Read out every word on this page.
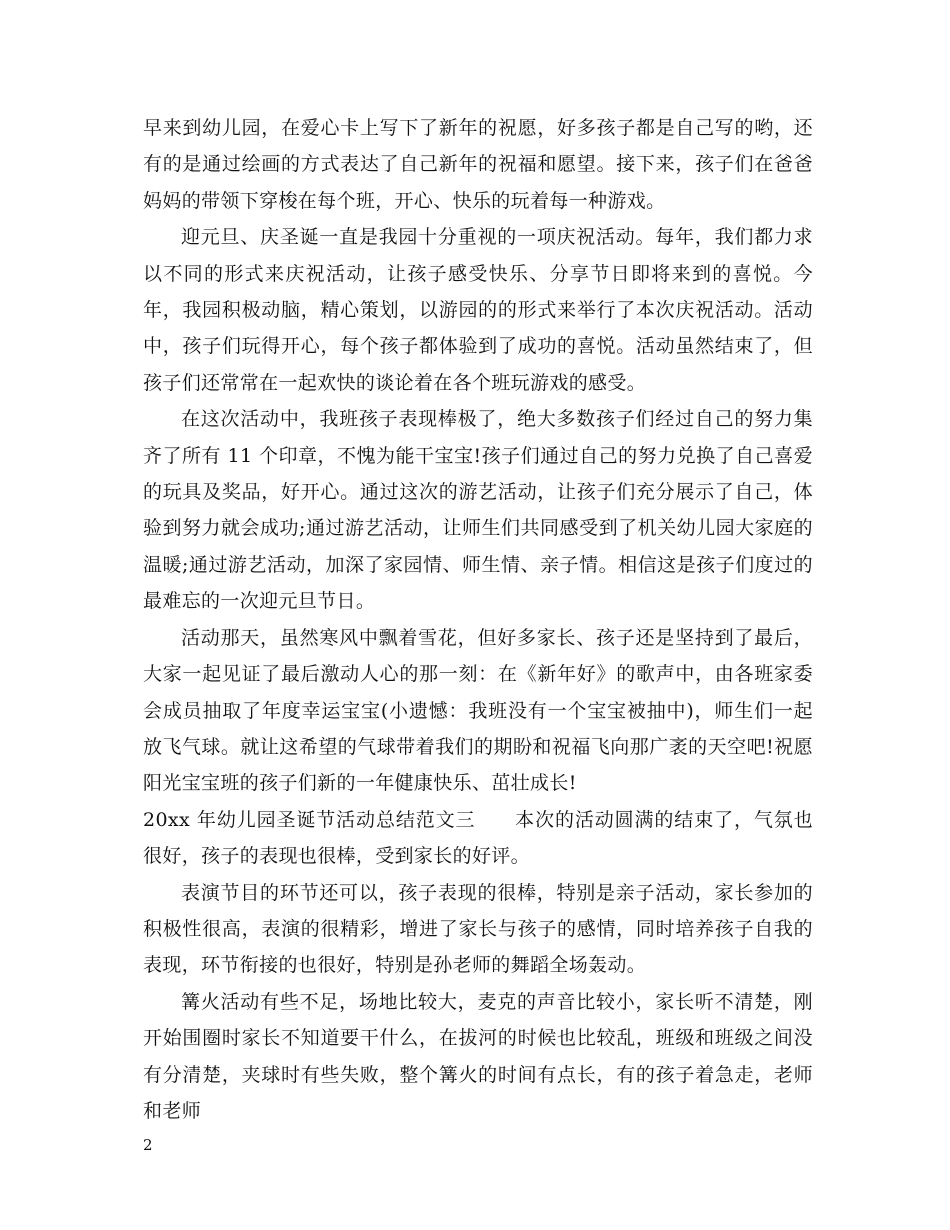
早来到幼儿园，在爱心卡上写下了新年的祝愿，好多孩子都是自己写的哟，还有的是通过绘画的方式表达了自己新年的祝福和愿望。接下来，孩子们在爸爸妈妈的带领下穿梭在每个班，开心、快乐的玩着每一种游戏。

迎元旦、庆圣诞一直是我园十分重视的一项庆祝活动。每年，我们都力求以不同的形式来庆祝活动，让孩子感受快乐、分享节日即将来到的喜悦。今年，我园积极动脑，精心策划，以游园的的形式来举行了本次庆祝活动。活动中，孩子们玩得开心，每个孩子都体验到了成功的喜悦。活动虽然结束了，但孩子们还常常在一起欢快的谈论着在各个班玩游戏的感受。

在这次活动中，我班孩子表现棒极了，绝大多数孩子们经过自己的努力集齐了所有 11 个印章，不愧为能干宝宝!孩子们通过自己的努力兑换了自己喜爱的玩具及奖品，好开心。通过这次的游艺活动，让孩子们充分展示了自己，体验到努力就会成功;通过游艺活动，让师生们共同感受到了机关幼儿园大家庭的温暖;通过游艺活动，加深了家园情、师生情、亲子情。相信这是孩子们度过的最难忘的一次迎元旦节日。

活动那天，虽然寒风中飘着雪花，但好多家长、孩子还是坚持到了最后，大家一起见证了最后激动人心的那一刻：在《新年好》的歌声中，由各班家委会成员抽取了年度幸运宝宝(小遗憾：我班没有一个宝宝被抽中)，师生们一起放飞气球。就让这希望的气球带着我们的期盼和祝福飞向那广袤的天空吧!祝愿阳光宝宝班的孩子们新的一年健康快乐、茁壮成长!

20xx 年幼儿园圣诞节活动总结范文三　　本次的活动圆满的结束了，气氛也很好，孩子的表现也很棒，受到家长的好评。

表演节目的环节还可以，孩子表现的很棒，特别是亲子活动，家长参加的积极性很高，表演的很精彩，增进了家长与孩子的感情，同时培养孩子自我的表现，环节衔接的也很好，特别是孙老师的舞蹈全场轰动。

篝火活动有些不足，场地比较大，麦克的声音比较小，家长听不清楚，刚开始围圈时家长不知道要干什么，在拔河的时候也比较乱，班级和班级之间没有分清楚，夹球时有些失败，整个篝火的时间有点长，有的孩子着急走，老师和老师

2
